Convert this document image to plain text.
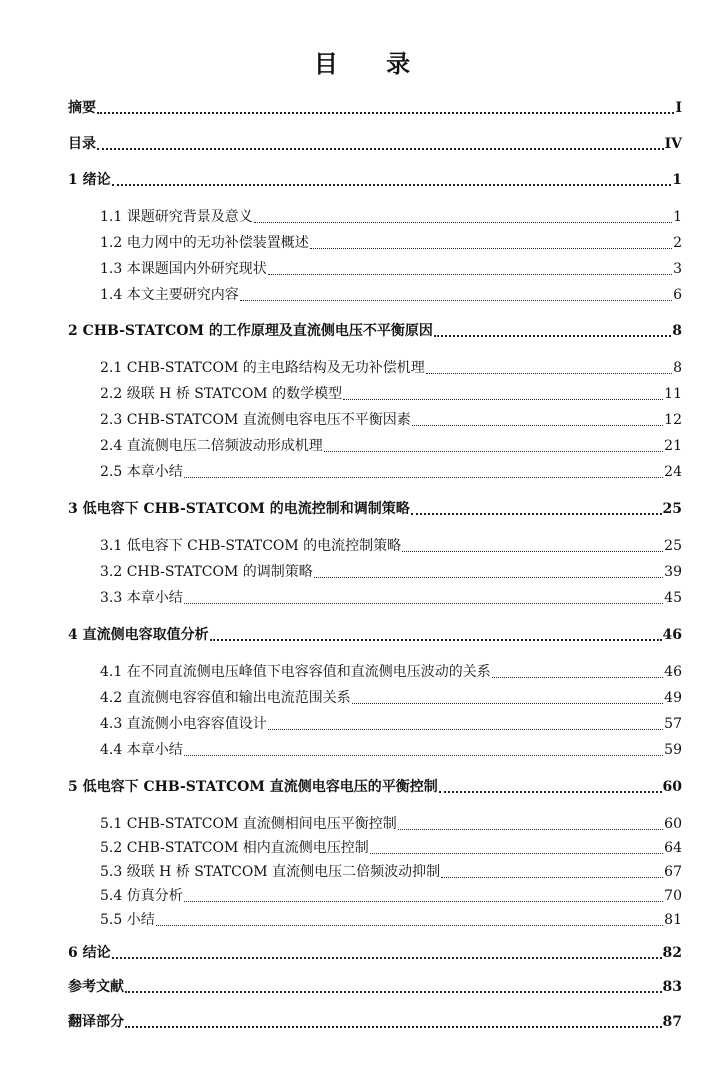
目 录
摘要	I
目录	IV
1 绪论	1
1.1 课题研究背景及意义	1
1.2 电力网中的无功补偿装置概述	2
1.3 本课题国内外研究现状	3
1.4 本文主要研究内容	6
2 CHB-STATCOM 的工作原理及直流侧电压不平衡原因	8
2.1 CHB-STATCOM 的主电路结构及无功补偿机理	8
2.2 级联 H 桥 STATCOM 的数学模型	11
2.3 CHB-STATCOM 直流侧电容电压不平衡因素	12
2.4 直流侧电压二倍频波动形成机理	21
2.5 本章小结	24
3 低电容下 CHB-STATCOM 的电流控制和调制策略	25
3.1 低电容下 CHB-STATCOM 的电流控制策略	25
3.2 CHB-STATCOM 的调制策略	39
3.3 本章小结	45
4 直流侧电容取值分析	46
4.1 在不同直流侧电压峰值下电容容值和直流侧电压波动的关系	46
4.2 直流侧电容容值和输出电流范围关系	49
4.3 直流侧小电容容值设计	57
4.4 本章小结	59
5 低电容下 CHB-STATCOM 直流侧电容电压的平衡控制	60
5.1 CHB-STATCOM 直流侧相间电压平衡控制	60
5.2 CHB-STATCOM 相内直流侧电压控制	64
5.3 级联 H 桥 STATCOM 直流侧电压二倍频波动抑制	67
5.4 仿真分析	70
5.5 小结	81
6 结论	82
参考文献	83
翻译部分	87
